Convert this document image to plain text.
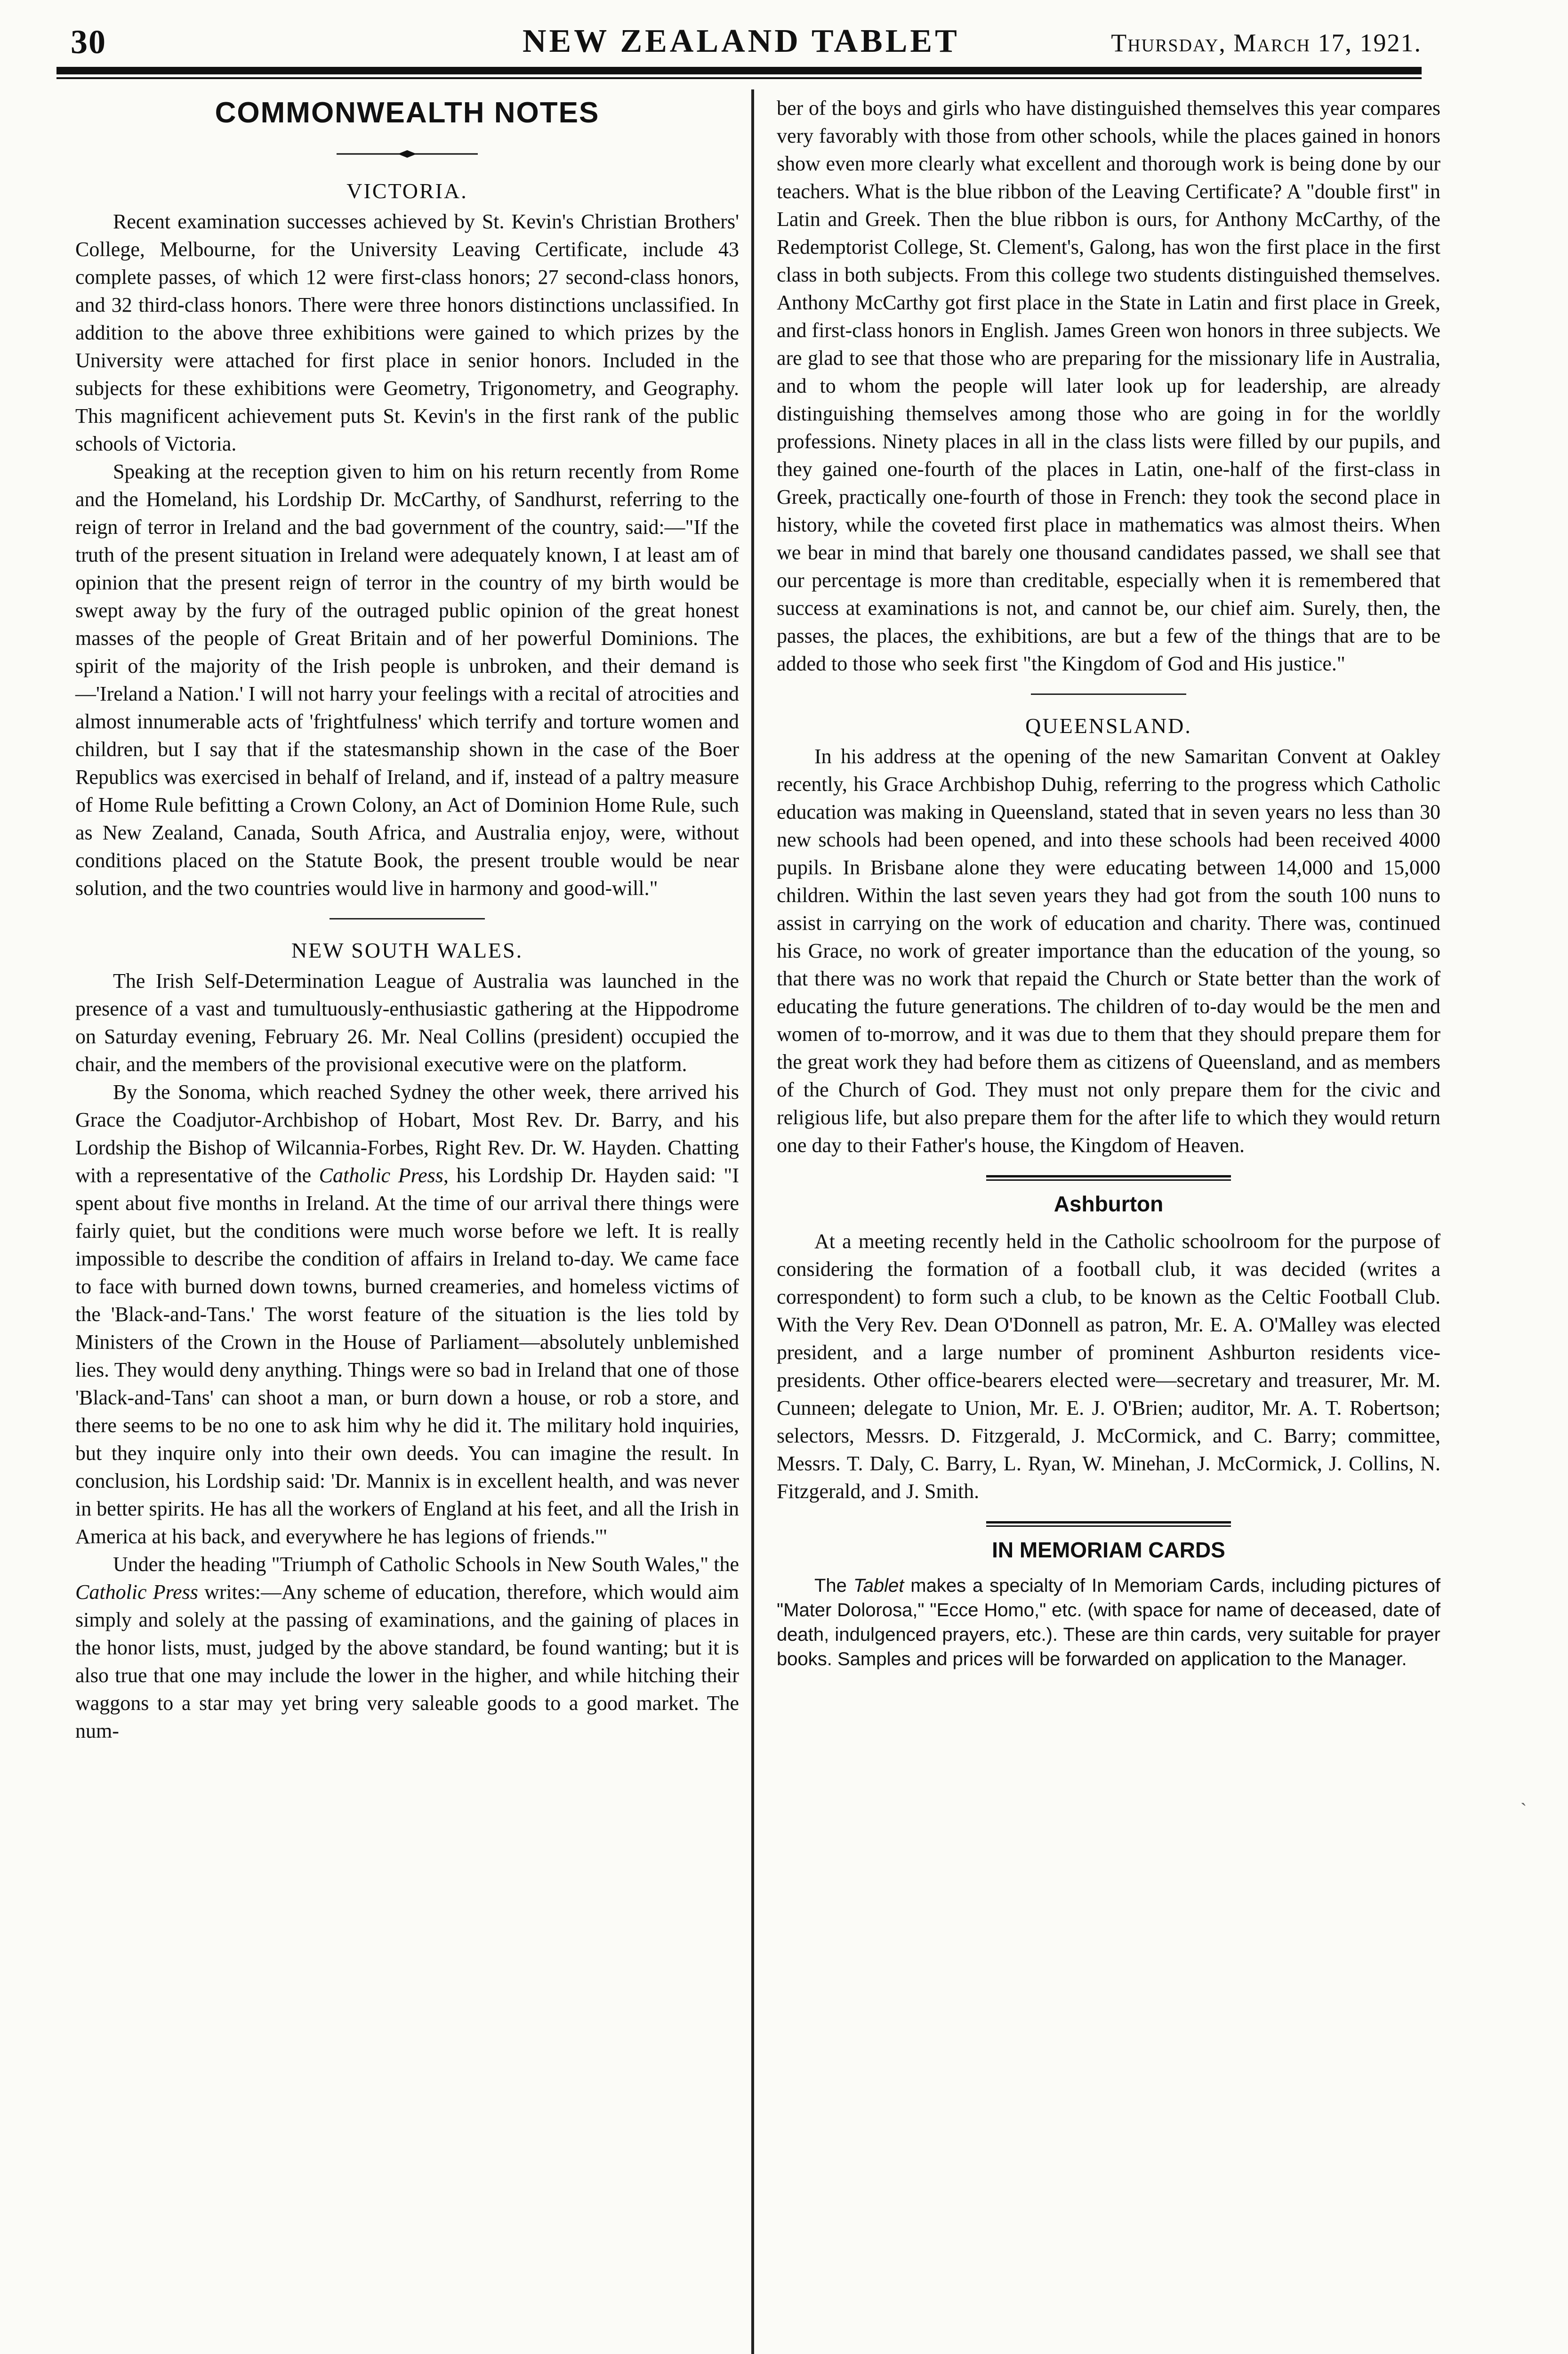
30	NEW ZEALAND TABLET	Thursday, March 17, 1921.
COMMONWEALTH NOTES
VICTORIA.

Recent examination successes achieved by St. Kevin's Christian Brothers' College, Melbourne, for the University Leaving Certificate, include 43 complete passes, of which 12 were first-class honors; 27 second-class honors, and 32 third-class honors. There were three honors distinctions unclassified. In addition to the above three exhibitions were gained to which prizes by the University were attached for first place in senior honors. Included in the subjects for these exhibitions were Geometry, Trigonometry, and Geography. This magnificent achievement puts St. Kevin's in the first rank of the public schools of Victoria.

Speaking at the reception given to him on his return recently from Rome and the Homeland, his Lordship Dr. McCarthy, of Sandhurst, referring to the reign of terror in Ireland and the bad government of the country, said:—"If the truth of the present situation in Ireland were adequately known, I at least am of opinion that the present reign of terror in the country of my birth would be swept away by the fury of the outraged public opinion of the great honest masses of the people of Great Britain and of her powerful Dominions. The spirit of the majority of the Irish people is unbroken, and their demand is—'Ireland a Nation.' I will not harry your feelings with a recital of atrocities and almost innumerable acts of 'frightfulness' which terrify and torture women and children, but I say that if the statesmanship shown in the case of the Boer Republics was exercised in behalf of Ireland, and if, instead of a paltry measure of Home Rule befitting a Crown Colony, an Act of Dominion Home Rule, such as New Zealand, Canada, South Africa, and Australia enjoy, were, without conditions placed on the Statute Book, the present trouble would be near solution, and the two countries would live in harmony and good-will."

NEW SOUTH WALES.

The Irish Self-Determination League of Australia was launched in the presence of a vast and tumultuously-enthusiastic gathering at the Hippodrome on Saturday evening, February 26. Mr. Neal Collins (president) occupied the chair, and the members of the provisional executive were on the platform.

By the Sonoma, which reached Sydney the other week, there arrived his Grace the Coadjutor-Archbishop of Hobart, Most Rev. Dr. Barry, and his Lordship the Bishop of Wilcannia-Forbes, Right Rev. Dr. W. Hayden. Chatting with a representative of the Catholic Press, his Lordship Dr. Hayden said: "I spent about five months in Ireland. At the time of our arrival there things were fairly quiet, but the conditions were much worse before we left. It is really impossible to describe the condition of affairs in Ireland to-day. We came face to face with burned down towns, burned creameries, and homeless victims of the 'Black-and-Tans.' The worst feature of the situation is the lies told by Ministers of the Crown in the House of Parliament—absolutely unblemished lies. They would deny anything. Things were so bad in Ireland that one of those 'Black-and-Tans' can shoot a man, or burn down a house, or rob a store, and there seems to be no one to ask him why he did it. The military hold inquiries, but they inquire only into their own deeds. You can imagine the result. In conclusion, his Lordship said: 'Dr. Mannix is in excellent health, and was never in better spirits. He has all the workers of England at his feet, and all the Irish in America at his back, and everywhere he has legions of friends.'"

Under the heading "Triumph of Catholic Schools in New South Wales," the Catholic Press writes:—Any scheme of education, therefore, which would aim simply and solely at the passing of examinations, and the gaining of places in the honor lists, must, judged by the above standard, be found wanting; but it is also true that one may include the lower in the higher, and while hitching their waggons to a star may yet bring very saleable goods to a good market. The num-

ber of the boys and girls who have distinguished themselves this year compares very favorably with those from other schools, while the places gained in honors show even more clearly what excellent and thorough work is being done by our teachers. What is the blue ribbon of the Leaving Certificate? A "double first" in Latin and Greek. Then the blue ribbon is ours, for Anthony McCarthy, of the Redemptorist College, St. Clement's, Galong, has won the first place in the first class in both subjects. From this college two students distinguished themselves. Anthony McCarthy got first place in the State in Latin and first place in Greek, and first-class honors in English. James Green won honors in three subjects. We are glad to see that those who are preparing for the missionary life in Australia, and to whom the people will later look up for leadership, are already distinguishing themselves among those who are going in for the worldly professions. Ninety places in all in the class lists were filled by our pupils, and they gained one-fourth of the places in Latin, one-half of the first-class in Greek, practically one-fourth of those in French: they took the second place in history, while the coveted first place in mathematics was almost theirs. When we bear in mind that barely one thousand candidates passed, we shall see that our percentage is more than creditable, especially when it is remembered that success at examinations is not, and cannot be, our chief aim. Surely, then, the passes, the places, the exhibitions, are but a few of the things that are to be added to those who seek first "the Kingdom of God and His justice."

QUEENSLAND.

In his address at the opening of the new Samaritan Convent at Oakley recently, his Grace Archbishop Duhig, referring to the progress which Catholic education was making in Queensland, stated that in seven years no less than 30 new schools had been opened, and into these schools had been received 4000 pupils. In Brisbane alone they were educating between 14,000 and 15,000 children. Within the last seven years they had got from the south 100 nuns to assist in carrying on the work of education and charity. There was, continued his Grace, no work of greater importance than the education of the young, so that there was no work that repaid the Church or State better than the work of educating the future generations. The children of to-day would be the men and women of to-morrow, and it was due to them that they should prepare them for the great work they had before them as citizens of Queensland, and as members of the Church of God. They must not only prepare them for the civic and religious life, but also prepare them for the after life to which they would return one day to their Father's house, the Kingdom of Heaven.

Ashburton

At a meeting recently held in the Catholic schoolroom for the purpose of considering the formation of a football club, it was decided (writes a correspondent) to form such a club, to be known as the Celtic Football Club. With the Very Rev. Dean O'Donnell as patron, Mr. E. A. O'Malley was elected president, and a large number of prominent Ashburton residents vice-presidents. Other office-bearers elected were—secretary and treasurer, Mr. M. Cunneen; delegate to Union, Mr. E. J. O'Brien; auditor, Mr. A. T. Robertson; selectors, Messrs. D. Fitzgerald, J. McCormick, and C. Barry; committee, Messrs. T. Daly, C. Barry, L. Ryan, W. Minehan, J. McCormick, J. Collins, N. Fitzgerald, and J. Smith.

IN MEMORIAM CARDS

The Tablet makes a specialty of In Memoriam Cards, including pictures of "Mater Dolorosa," "Ecce Homo," etc. (with space for name of deceased, date of death, indulgenced prayers, etc.). These are thin cards, very suitable for prayer books. Samples and prices will be forwarded on application to the Manager.

ˎ
